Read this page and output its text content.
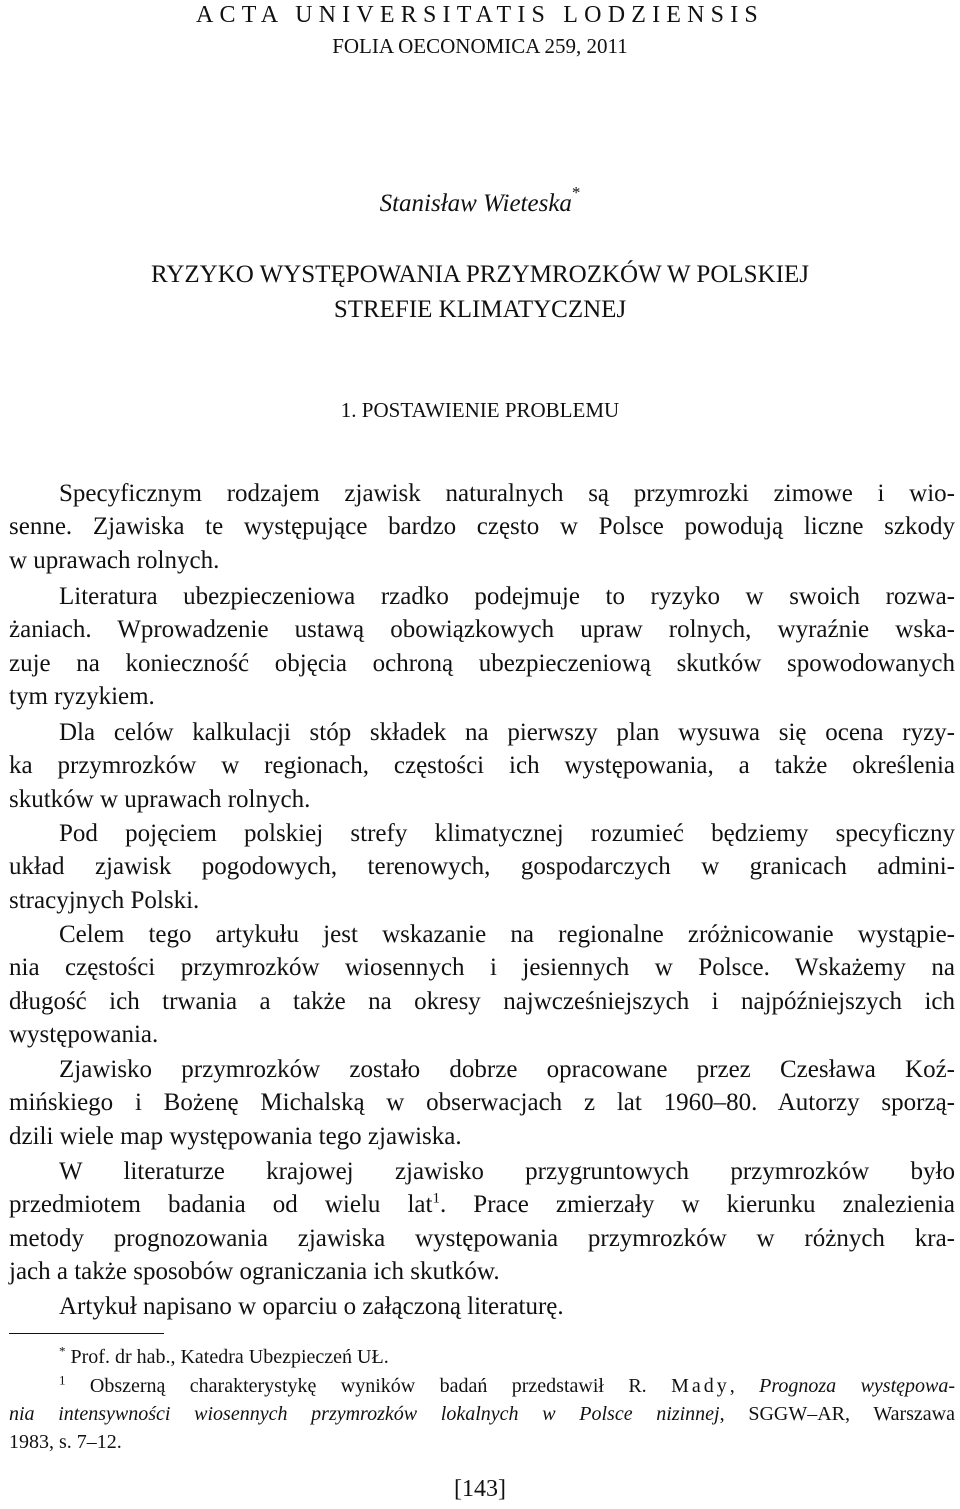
ACTA UNIVERSITATIS LODZIENSIS
FOLIA OECONOMICA 259, 2011
Stanisław Wieteska*
RYZYKO WYSTĘPOWANIA PRZYMROZKÓW W POLSKIEJ
STREFIE KLIMATYCZNEJ
1. POSTAWIENIE PROBLEMU
Specyficznym rodzajem zjawisk naturalnych są przymrozki zimowe i wio-
senne. Zjawiska te występujące bardzo często w Polsce powodują liczne szkody
w uprawach rolnych.
Literatura ubezpieczeniowa rzadko podejmuje to ryzyko w swoich rozwa-
żaniach. Wprowadzenie ustawą obowiązkowych upraw rolnych, wyraźnie wska-
zuje na konieczność objęcia ochroną ubezpieczeniową skutków spowodowanych
tym ryzykiem.
Dla celów kalkulacji stóp składek na pierwszy plan wysuwa się ocena ryzy-
ka przymrozków w regionach, częstości ich występowania, a także określenia
skutków w uprawach rolnych.
Pod pojęciem polskiej strefy klimatycznej rozumieć będziemy specyficzny
układ zjawisk pogodowych, terenowych, gospodarczych w granicach admini-
stracyjnych Polski.
Celem tego artykułu jest wskazanie na regionalne zróżnicowanie wystąpie-
nia częstości przymrozków wiosennych i jesiennych w Polsce. Wskażemy na
długość ich trwania a także na okresy najwcześniejszych i najpóźniejszych ich
występowania.
Zjawisko przymrozków zostało dobrze opracowane przez Czesława Koź-
mińskiego i Bożenę Michalską w obserwacjach z lat 1960–80. Autorzy sporzą-
dzili wiele map występowania tego zjawiska.
W literaturze krajowej zjawisko przygruntowych przymrozków było
przedmiotem badania od wielu lat$^1$. Prace zmierzały w kierunku znalezienia
metody prognozowania zjawiska występowania przymrozków w różnych kra-
jach a także sposobów ograniczania ich skutków.
Artykuł napisano w oparciu o załączoną literaturę.
* Prof. dr hab., Katedra Ubezpieczeń UŁ.
$^1$ Obszerną charakterystykę wyników badań przedstawił R. Mady, Prognoza występowa-
nia intensywności wiosennych przymrozków lokalnych w Polsce nizinnej, SGGW–AR, Warszawa
1983, s. 7–12.
[143]
